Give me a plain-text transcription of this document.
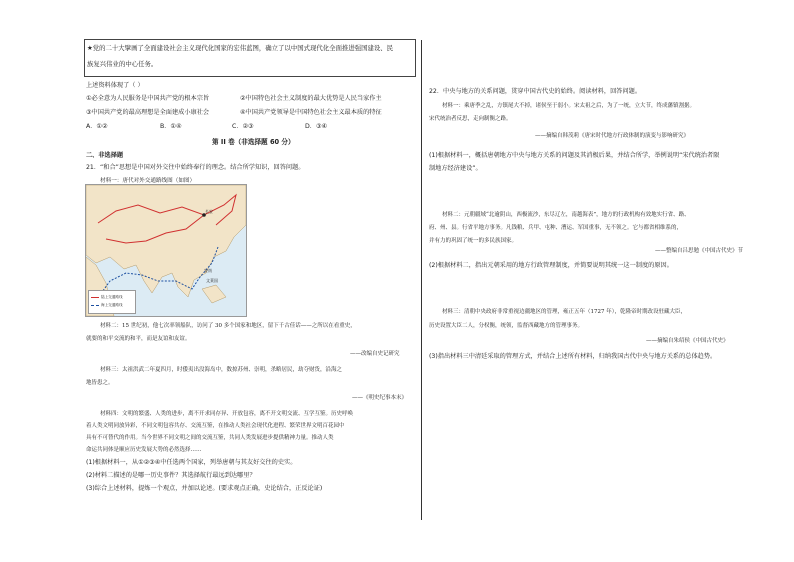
★党的二十大擘画了全面建设社会主义现代化国家的宏伟蓝图，确立了以中国式现代化全面推进强国建设、民
族复兴伟业的中心任务。
上述资料体现了（ ）
①必全意为人民服务是中国共产党的根本宗旨	②中国特色社会主义制度的最大优势是人民当家作主
③中国共产党的最高理想是全面建成小康社会	④中国共产党领导是中国特色社会主义最本质的特征
A．①②	B．①④	C．②③	D．③④
第 II 卷（非选择题 60 分）
二、非选择题
21．“和合”思想是中国对外交往中始终奉行的理念。结合所学知识，回答问题。
材料一：唐代对外交通路线图（如图）
长安
安南
文莱国
陆上交通路线
海上交通路线
材料二：15 世纪初，他七次率领船队，访问了 30 多个国家和地区，留下千古佳话——之所以在看重史，
就要的和平交流的和平，而是友谊和友谊。
——改编自史记研究
材料三：太祖洪武二年夏四月，时倭夷出没海岛中，数掠苏州、崇明，杀略居民，劫夺财货，沿海之
地皆患之。
——《明史纪事本末》
材料四：文明的繁盛、人类的进步，离不开求同存异、开放包容，离不开文明交流、互学互鉴。历史呼唤
着人类文明同放异彩，不同文明包容共存、交流互鉴，在推动人类社会现代化进程、繁荣世界文明百花园中
具有不可替代的作用。当今世界不同文明之间的交流互鉴，共同人类发展进步提供精神力量。推动人类
命运共同体是顺应历史发展大势的必然选择……
(1)根据材料一，从①②③④中任选两个国家，列举唐朝与其友好交往的史实。
(2)材料二描述的是哪一历史事件？其选择航行最远到达哪里？
(3)综合上述材料，提炼一个观点，并加以论述。(要求观点正确，史论结合，正反论证)
22．中央与地方的关系问题，贯穿中国古代史的始终。阅读材料，回答问题。
材料一：乘唐季之乱，方镇尾大不掉，诸侯至于弱小。宋太祖之后，为了一统，立大节，终成藩镇割据。
宋代统治者反思，走向制衡之路。
——摘编自韩茂莉《唐宋时代地方行政体制的演变与影响研究》
(1)根据材料一，概括唐朝地方中央与地方关系的问题及其消极后果，并结合所学，举例说明“宋代统治者限
制地方经济建设”。
材料二：元朝疆域“北逾阴山，西极流沙，东尽辽左，南越海表”，地方的行政机构有效地实行省、路、
府、州、县。行省平地方事务。凡钱粮、兵甲、屯种、漕运、军国重事，无不领之。它与都省相维系的，
并有力的巩固了统一的多民族国家。
——整编自吕思勉《中国古代史》节
(2)根据材料二，指出元朝采用的地方行政管理制度，并简要说明其统一这一制度的原因。
材料三：清朝中央政府非常重视边疆地区的管理，雍正五年（1727 年），乾隆帝时期改设驻藏大臣，
历史设置大臣二人，分权衡，统领，监督西藏地方的管理事务。
——摘编自朱绍侯《中国古代史》
(3)指出材料三中清廷采取的管理方式，并结合上述所有材料，归纳我国古代中央与地方关系的总体趋势。
